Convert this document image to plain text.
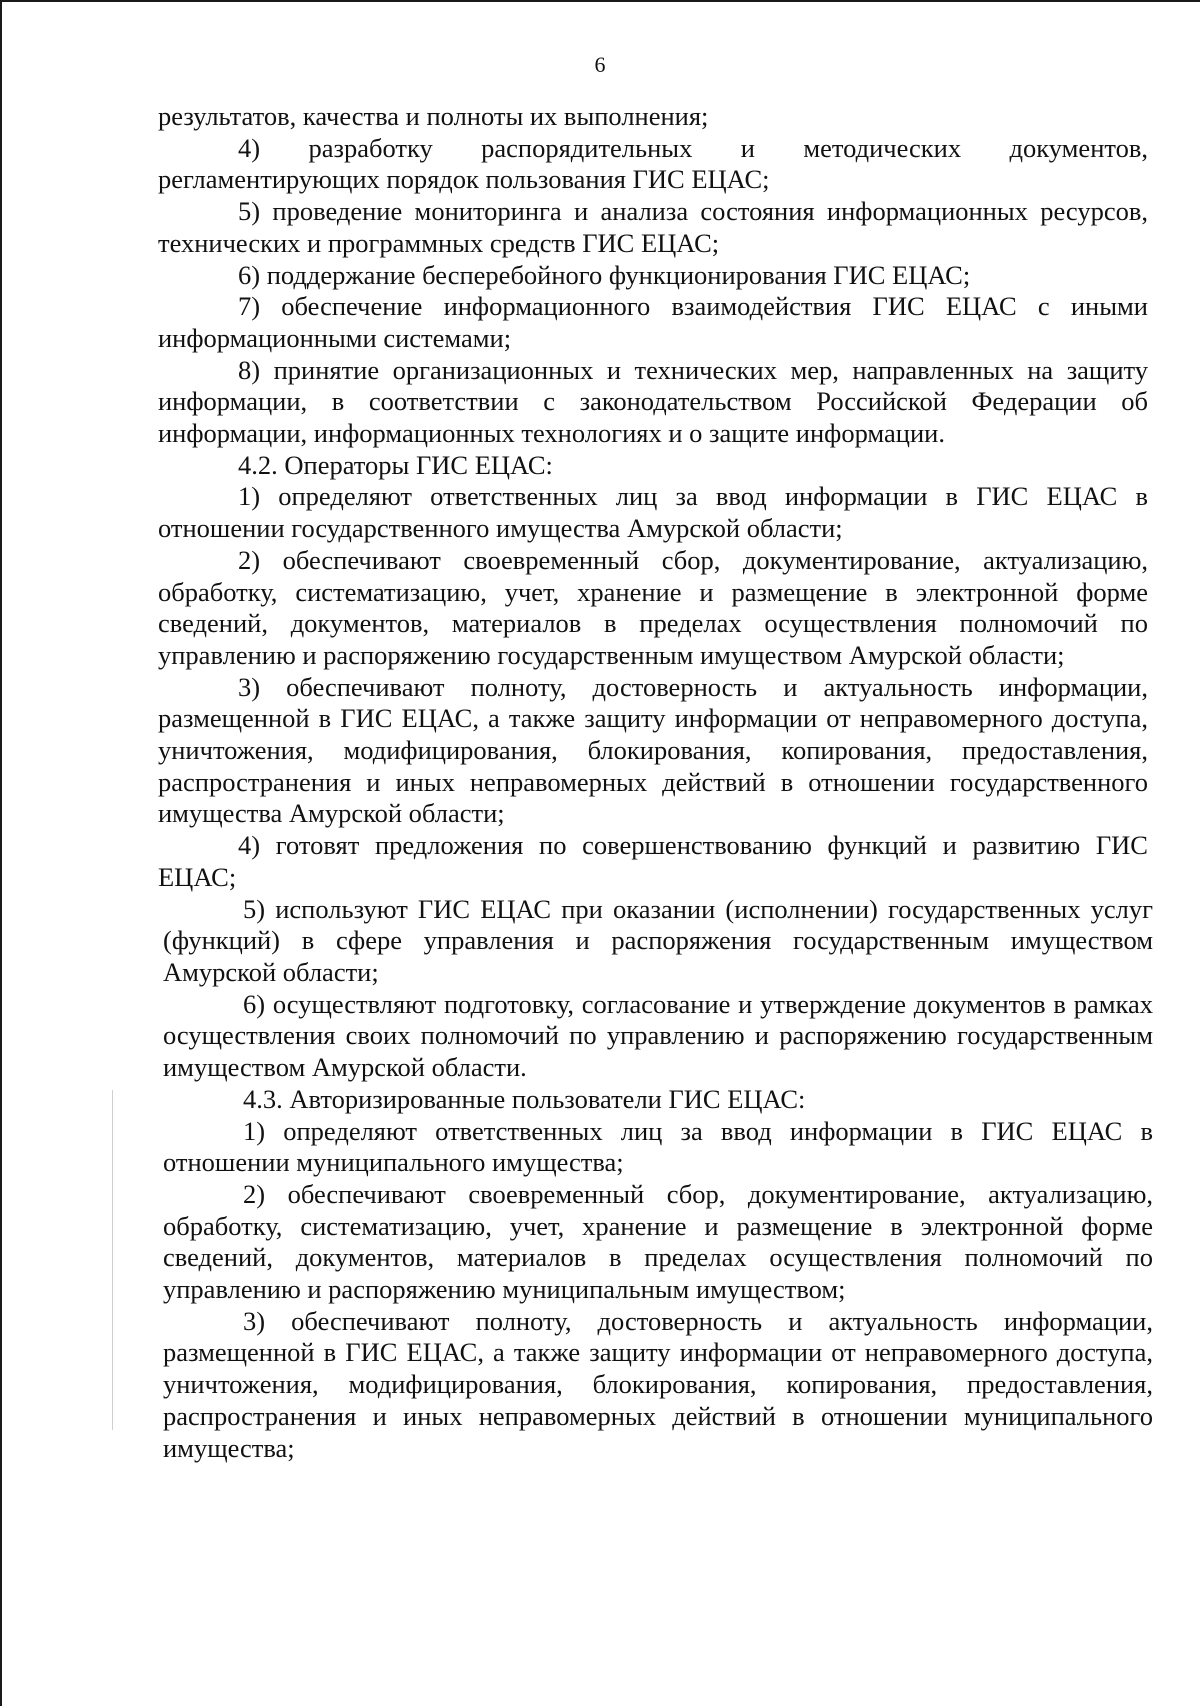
6

результатов, качества и полноты их выполнения;

4) разработку распорядительных и методических документов, регламентирующих порядок пользования ГИС ЕЦАС;

5) проведение мониторинга и анализа состояния информационных ресурсов, технических и программных средств ГИС ЕЦАС;

6) поддержание бесперебойного функционирования ГИС ЕЦАС;

7) обеспечение информационного взаимодействия ГИС ЕЦАС с иными информационными системами;

8) принятие организационных и технических мер, направленных на защиту информации, в соответствии с законодательством Российской Федерации об информации, информационных технологиях и о защите информации.

4.2. Операторы ГИС ЕЦАС:

1) определяют ответственных лиц за ввод информации в ГИС ЕЦАС в отношении государственного имущества Амурской области;

2) обеспечивают своевременный сбор, документирование, актуализацию, обработку, систематизацию, учет, хранение и размещение в электронной форме сведений, документов, материалов в пределах осуществления полномочий по управлению и распоряжению государственным имуществом Амурской области;

3) обеспечивают полноту, достоверность и актуальность информации, размещенной в ГИС ЕЦАС, а также защиту информации от неправомерного доступа, уничтожения, модифицирования, блокирования, копирования, предоставления, распространения и иных неправомерных действий в отношении государственного имущества Амурской области;

4) готовят предложения по совершенствованию функций и развитию ГИС ЕЦАС;

5) используют ГИС ЕЦАС при оказании (исполнении) государственных услуг (функций) в сфере управления и распоряжения государственным имуществом Амурской области;

6) осуществляют подготовку, согласование и утверждение документов в рамках осуществления своих полномочий по управлению и распоряжению государственным имуществом Амурской области.

4.3. Авторизированные пользователи ГИС ЕЦАС:

1) определяют ответственных лиц за ввод информации в ГИС ЕЦАС в отношении муниципального имущества;

2) обеспечивают своевременный сбор, документирование, актуализацию, обработку, систематизацию, учет, хранение и размещение в электронной форме сведений, документов, материалов в пределах осуществления полномочий по управлению и распоряжению муниципальным имуществом;

3) обеспечивают полноту, достоверность и актуальность информации, размещенной в ГИС ЕЦАС, а также защиту информации от неправомерного доступа, уничтожения, модифицирования, блокирования, копирования, предоставления, распространения и иных неправомерных действий в отношении муниципального имущества;
